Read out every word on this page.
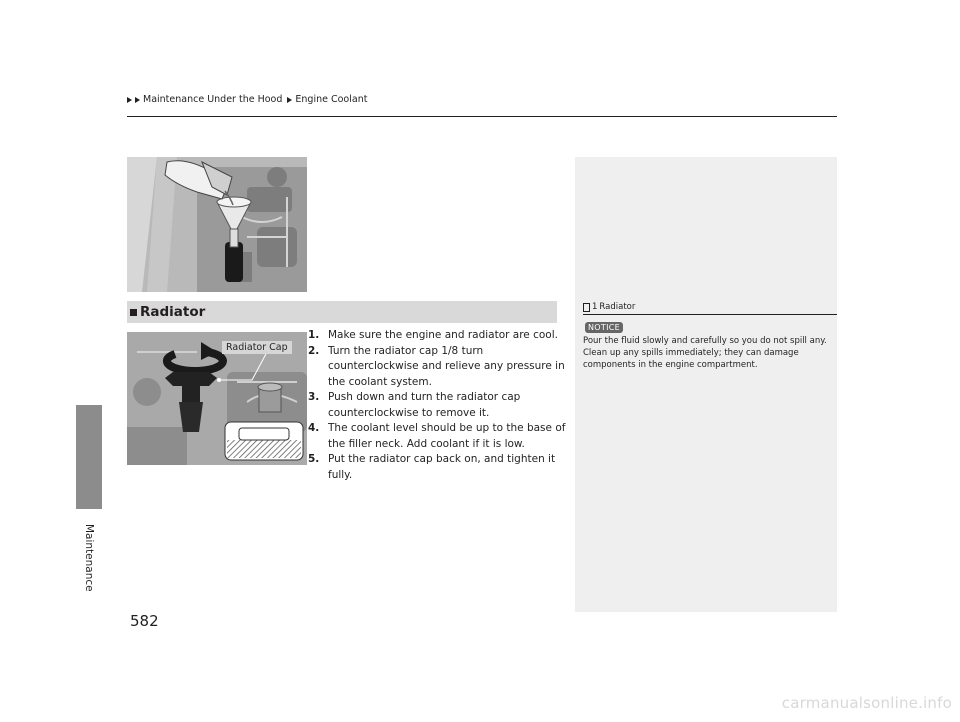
Maintenance Under the Hood Engine Coolant
Maintenance
Radiator
Radiator Cap
1. Make sure the engine and radiator are cool.
2. Turn the radiator cap 1/8 turn counterclockwise and relieve any pressure in the coolant system.
3. Push down and turn the radiator cap counterclockwise to remove it.
4. The coolant level should be up to the base of the filler neck. Add coolant if it is low.
5. Put the radiator cap back on, and tighten it fully.
1 Radiator
NOTICE

Pour the fluid slowly and carefully so you do not spill any. Clean up any spills immediately; they can damage components in the engine compartment.

582
carmanualsonline.info
